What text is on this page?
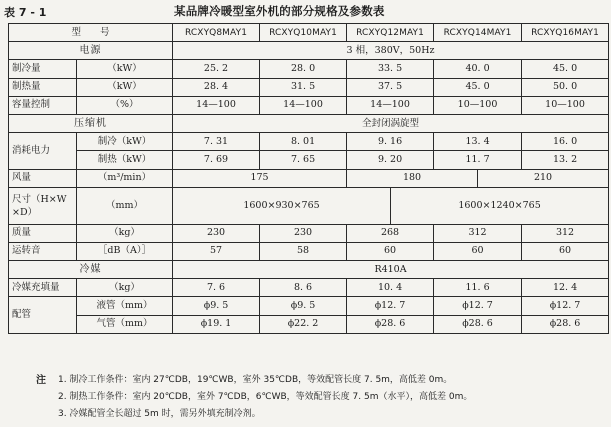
表 7 - 1	某品牌冷暖型室外机的部分规格及参数表
型　　号		RCXYQ8MAY1	RCXYQ10MAY1	RCXYQ12MAY1		RCXYQ14MAY1		RCXYQ16MAY1
电源		3 相，380V，50Hz						
制冷量	（kW）	25. 2	28. 0	33. 5		40. 0		45. 0
制热量	（kW）	28. 4	31. 5	37. 5		45. 0		50. 0
容量控制	（%）	14—100	14—100	14—100		10—100		10—100
压缩机		全封闭涡旋型						
消耗电力	制冷（kW）	7. 31	8. 01	9. 16		13. 4		16. 0
	制热（kW）	7. 69	7. 65	9. 20		11. 7		13. 2
风量	（m³/min）	175		180			210	
尺寸（H×W ×D）	（mm）	1600×930×765			1600×1240×765			
质量	（kg）	230	230	268		312		312
运转音	［dB（A）］	57	58	60		60		60
冷媒		R410A						
冷媒充填量	（kg）	7. 6	8. 6	10. 4		11. 6		12. 4
配管	液管（mm）	ϕ9. 5	ϕ9. 5	ϕ12. 7		ϕ12. 7		ϕ12. 7
	气管（mm）	ϕ19. 1	ϕ22. 2	ϕ28. 6		ϕ28. 6		ϕ28. 6
注	1. 制冷工作条件：室内 27℃DB，19℃WB，室外 35℃DB，等效配管长度 7. 5m，高低差 0m。
2. 制热工作条件：室内 20℃DB，室外 7℃DB，6℃WB，等效配管长度 7. 5m（水平），高低差 0m。
3. 冷媒配管全长超过 5m 时，需另外填充制冷剂。
